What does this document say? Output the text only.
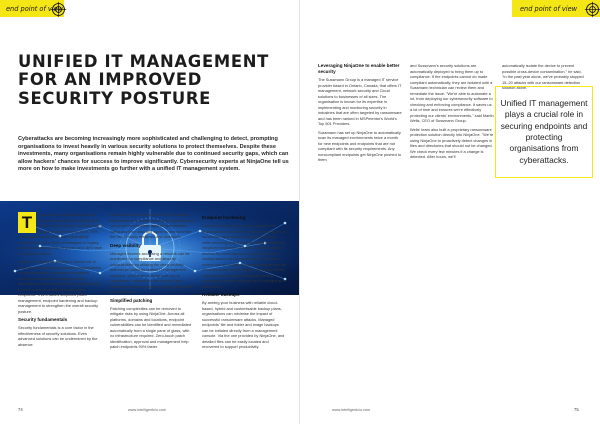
end point of view
UNIFIED IT MANAGEMENT FOR AN IMPROVED SECURITY POSTURE

Cyberattacks are becoming increasingly more sophisticated and challenging to detect, prompting organisations to invest heavily in various security solutions to protect themselves. Despite these investments, many organisations remain highly vulnerable due to continued security gaps, which can allow hackers' chances for success to improve significantly. Cybersecurity experts at NinjaOne tell us more on how to make investments go further with a unified IT management system.

T	wo-thirds of organisations plan to increase cybersecurity spending in 2023, but according to the Microsoft Digital Defense Report 2022, 74% of companies lack patch and vulnerability management, 50% have unmanaged or legacy systems accessing their networks and 46% have no usable backups.

Unified IT management plays a crucial role in ensuring endpoints and protecting organisations from cyberattacks. Adopting a centralised console for endpoint management can streamline processes, enhance productivity and provide in-depth visibility into managed endpoints. This enables simplified patch management, endpoint hardening and backup management to strengthen the overall security posture.

Security fundamentals

Security fundamentals is a core factor in the effectiveness of security solutions. Even advanced solutions can be undermined by the absence

of basic security configurations. By embracing best practices in endpoint security, organisations can protect themselves against cyberattacks, safeguard their data and systems and minimise the risk of costly breaches and downtime.

Deep visibility

Managed devices accessing a network can be monitored for compliance and security vulnerabilities by utilising the deep visibility features provided by unified IT management solutions. Whenever a device falls out of compliance, notifications are received and necessary actions are taken to bring them back to compliance.

Simplified patching

Patching complexities can be removed to mitigate risks by using NinjaOne. Across all platforms, domains and locations, endpoint vulnerabilities can be identified and remediated automatically from a single pane of glass, with no infrastructure required. Zero-touch patch identification, approval and management help patch endpoints 90% faster.

Endpoint hardening

Endpoint hardening is a crucial practice for organisations that want to reduce the chances of successful cyberattacks and data breaches while ensuring compliance and driving efficiency. NinjaOne empowers IT staff to harden endpoint devices by providing several options. Device configurations can be controlled, user access control can be enabled, user permissions can be removed, ports can be closed, necessary device changes can be made, third-party security applications can be deployed and managed and much more.

Reliable backups

By arming your business with reliable cloud-based, hybrid and customisable backup plans, organisations can minimise the impact of successful ransomware attacks. Managed endpoints' file and folder and image backups can be initiated directly from a management console. Via the one provided by NinjaOne, and detailed files can be easily located and recovered to support productivity.

74	www.intelligentcio.com	www.intelligentcio.com	75
end point of view
Leveraging NinjaOne to enable better security

The Sussmann Group is a managed IT service provider based in Ontario, Canada, that offers IT management, network security and Cloud solutions to businesses of all sizes. The organisation is known for its expertise in implementing and monitoring security in industries that are often targeted by ransomware and has been ranked in MSPmentor's World's Top 501 Providers.

Sussmann has set up NinjaOne to automatically scan its managed environments twice a month for new endpoints and endpoints that are not compliant with its security requirements. Any noncompliant endpoints get NinjaOne pushed to them

and Sussmann's security solutions are automatically deployed to bring them up to compliance. If the endpoints cannot do made compliant automatically, they are isolated until a Sussmann technician can review them and remediate the issue. "We're able to automate a lot, from deploying our cybersecurity software to checking and enforcing compliance. It saves us a lot of time and ensures we're effectively protecting our clients' environments," said Martin Wells, CEO of Sussmann Group.

Wells' team also built a proprietary ransomware protection solution directly into NinjaOne. "We're using NinjaOne to proactively detect changes in files and directories that should not be changed. We check every few minutes if a change is detected. After hours, we'll

automatically isolate the device to prevent possible cross-device contamination," he said. "In the past year alone, we've probably stopped 15–20 attacks with our ransomware detection solution alone."

Unified IT management plays a crucial role in securing endpoints and protecting organisations from cyberattacks.
